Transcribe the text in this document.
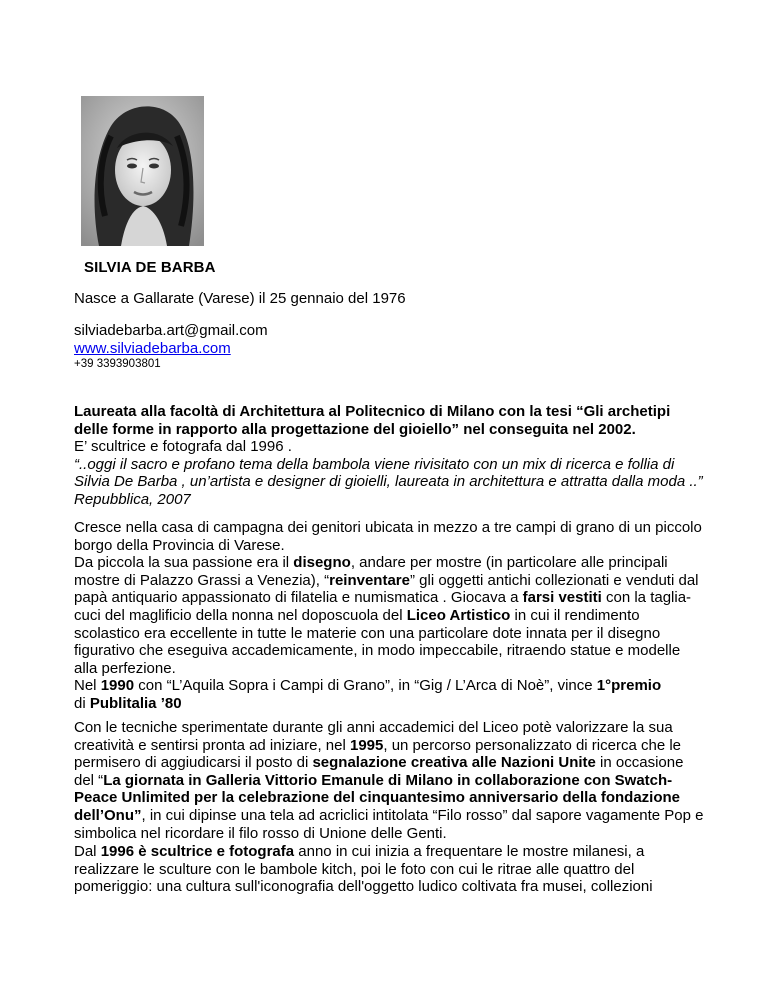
SILVIA DE BARBA
Nasce a Gallarate (Varese) il 25 gennaio del 1976
silviadebarba.art@gmail.com
www.silviadebarba.com
+39 3393903801

Laureata alla facoltà di Architettura al Politecnico di Milano con la tesi “Gli archetipi delle forme in rapporto alla progettazione del gioiello” nel conseguita nel 2002.

E’ scultrice e fotografa dal 1996 .

“..oggi il sacro e profano tema della bambola viene rivisitato con un mix di ricerca e follia di Silvia De Barba , un’artista e designer di gioielli, laureata in architettura e attratta dalla moda ..” Repubblica, 2007

Cresce nella casa di campagna dei genitori ubicata in mezzo a tre campi di grano di un piccolo borgo della Provincia di Varese.

Da piccola la sua passione era il disegno, andare per mostre (in particolare alle principali mostre di Palazzo Grassi a Venezia), “reinventare” gli oggetti antichi collezionati e venduti dal papà antiquario appassionato di filatelia e numismatica . Giocava a farsi vestiti con la taglia-cuci del maglificio della nonna nel doposcuola del Liceo Artistico in cui il rendimento scolastico era eccellente in tutte le materie con una particolare dote innata per il disegno figurativo che eseguiva accademicamente, in modo impeccabile, ritraendo statue e modelle alla perfezione.

Nel 1990 con “L’Aquila Sopra i Campi di Grano”, in “Gig / L’Arca di Noè”, vince 1°premio
di Publitalia ’80

Con le tecniche sperimentate durante gli anni accademici del Liceo potè valorizzare la sua creatività e sentirsi pronta ad iniziare, nel 1995, un percorso personalizzato di ricerca che le permisero di aggiudicarsi il posto di segnalazione creativa alle Nazioni Unite in occasione del “La giornata in Galleria Vittorio Emanule di Milano in collaborazione con Swatch-Peace Unlimited per la celebrazione del cinquantesimo anniversario della fondazione dell’Onu”, in cui dipinse una tela ad acriclici intitolata “Filo rosso” dal sapore vagamente Pop e simbolica nel ricordare il filo rosso di Unione delle Genti.

Dal 1996 è scultrice e fotografa anno in cui inizia a frequentare le mostre milanesi, a realizzare le sculture con le bambole kitch, poi le foto con cui le ritrae alle quattro del pomeriggio: una cultura sull'iconografia dell'oggetto ludico coltivata fra musei, collezioni
